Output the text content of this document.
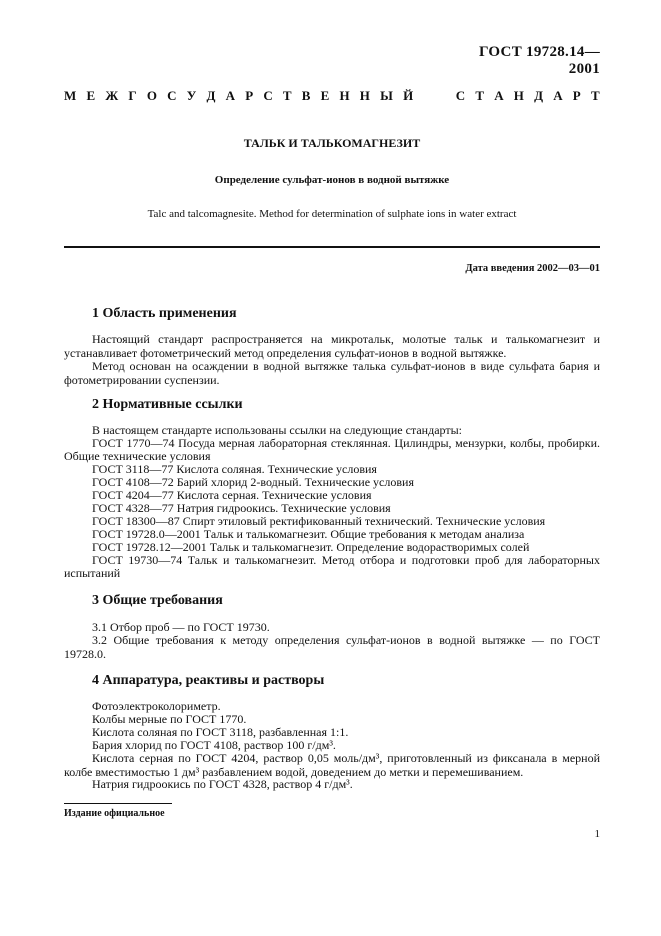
ГОСТ 19728.14—2001
М Е Ж Г О С У Д А Р С Т В Е Н Н Ы Й	С Т А Н Д А Р Т
ТАЛЬК И ТАЛЬКОМАГНЕЗИТ
Определение сульфат-ионов в водной вытяжке
Talc and talcomagnesite. Method for determination of sulphate ions in water extract
Дата введения 2002—03—01
1 Область применения
Настоящий стандарт распространяется на микротальк, молотые тальк и талькомагнезит и устанавливает фотометрический метод определения сульфат-ионов в водной вытяжке.
Метод основан на осаждении в водной вытяжке талька сульфат-ионов в виде сульфата бария и фотометрировании суспензии.
2 Нормативные ссылки
В настоящем стандарте использованы ссылки на следующие стандарты:
ГОСТ 1770—74 Посуда мерная лабораторная стеклянная. Цилиндры, мензурки, колбы, пробирки. Общие технические условия
ГОСТ 3118—77 Кислота соляная. Технические условия
ГОСТ 4108—72 Барий хлорид 2-водный. Технические условия
ГОСТ 4204—77 Кислота серная. Технические условия
ГОСТ 4328—77 Натрия гидроокись. Технические условия
ГОСТ 18300—87 Спирт этиловый ректификованный технический. Технические условия
ГОСТ 19728.0—2001 Тальк и талькомагнезит. Общие требования к методам анализа
ГОСТ 19728.12—2001 Тальк и талькомагнезит. Определение водорастворимых солей
ГОСТ 19730—74 Тальк и талькомагнезит. Метод отбора и подготовки проб для лабораторных испытаний
3 Общие требования
3.1 Отбор проб — по ГОСТ 19730.
3.2 Общие требования к методу определения сульфат-ионов в водной вытяжке — по ГОСТ 19728.0.
4 Аппаратура, реактивы и растворы
Фотоэлектроколориметр.
Колбы мерные по ГОСТ 1770.
Кислота соляная по ГОСТ 3118, разбавленная 1:1.
Бария хлорид по ГОСТ 4108, раствор 100 г/дм³.
Кислота серная по ГОСТ 4204, раствор 0,05 моль/дм³, приготовленный из фиксанала в мерной колбе вместимостью 1 дм³ разбавлением водой, доведением до метки и перемешиванием.
Натрия гидроокись по ГОСТ 4328, раствор 4 г/дм³.
Издание официальное
1
